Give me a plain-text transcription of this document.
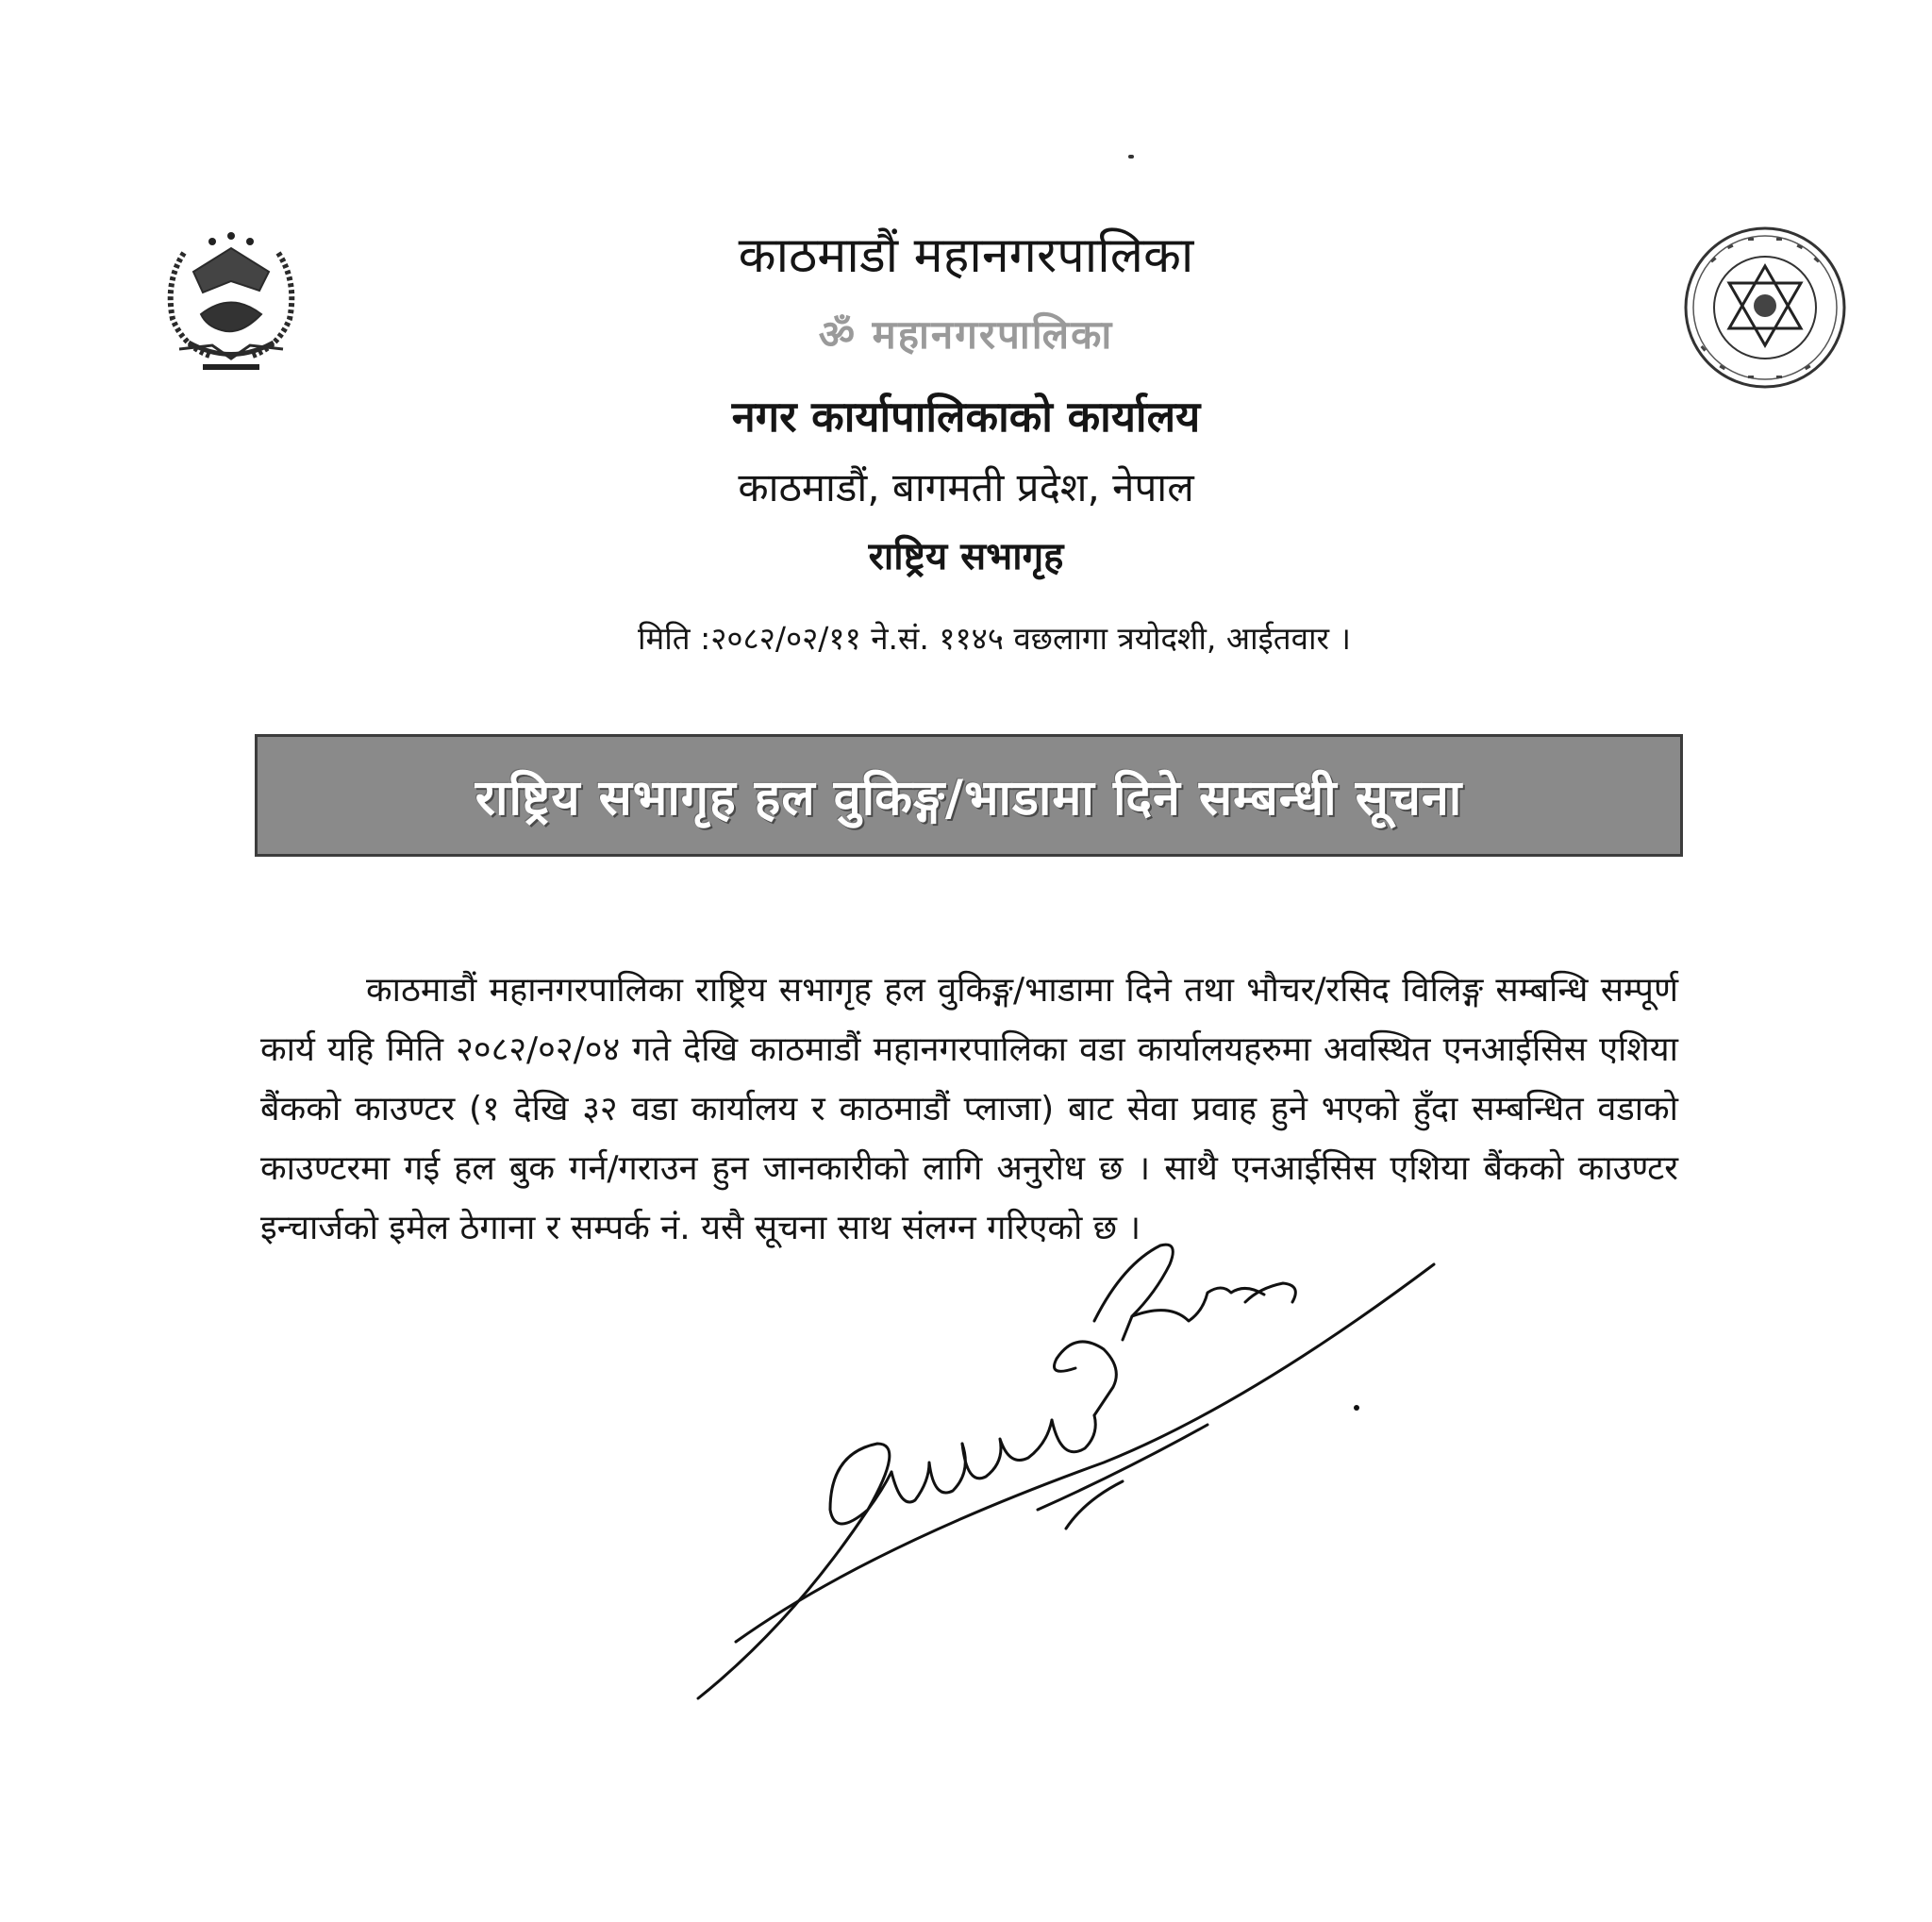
काठमाडौं महानगरपालिका
ॐ महानगरपालिका
नगर कार्यापालिकाको कार्यालय
काठमाडौं, बागमती प्रदेश, नेपाल
राष्ट्रिय सभागृह
मिति :२०८२/०२/११ ने.सं. ११४५ वछलागा त्रयोदशी, आईतवार ।
राष्ट्रिय सभागृह हल वुकिङ्ग/भाडामा दिने सम्बन्धी सूचना

काठमाडौं महानगरपालिका राष्ट्रिय सभागृह हल वुकिङ्ग/भाडामा दिने तथा भौचर/रसिद विलिङ्ग सम्बन्धि सम्पूर्ण कार्य यहि मिति २०८२/०२/०४ गते देखि काठमाडौं महानगरपालिका वडा कार्यालयहरुमा अवस्थित एनआईसिस एशिया बैंकको काउण्टर (१ देखि ३२ वडा कार्यालय र काठमाडौं प्लाजा) बाट सेवा प्रवाह हुने भएको हुँदा सम्बन्धित वडाको काउण्टरमा गई हल बुक गर्न/गराउन हुन जानकारीको लागि अनुरोध छ । साथै एनआईसिस एशिया बैंकको काउण्टर इन्चार्जको इमेल ठेगाना र सम्पर्क नं. यसै सूचना साथ संलग्न गरिएको छ ।
